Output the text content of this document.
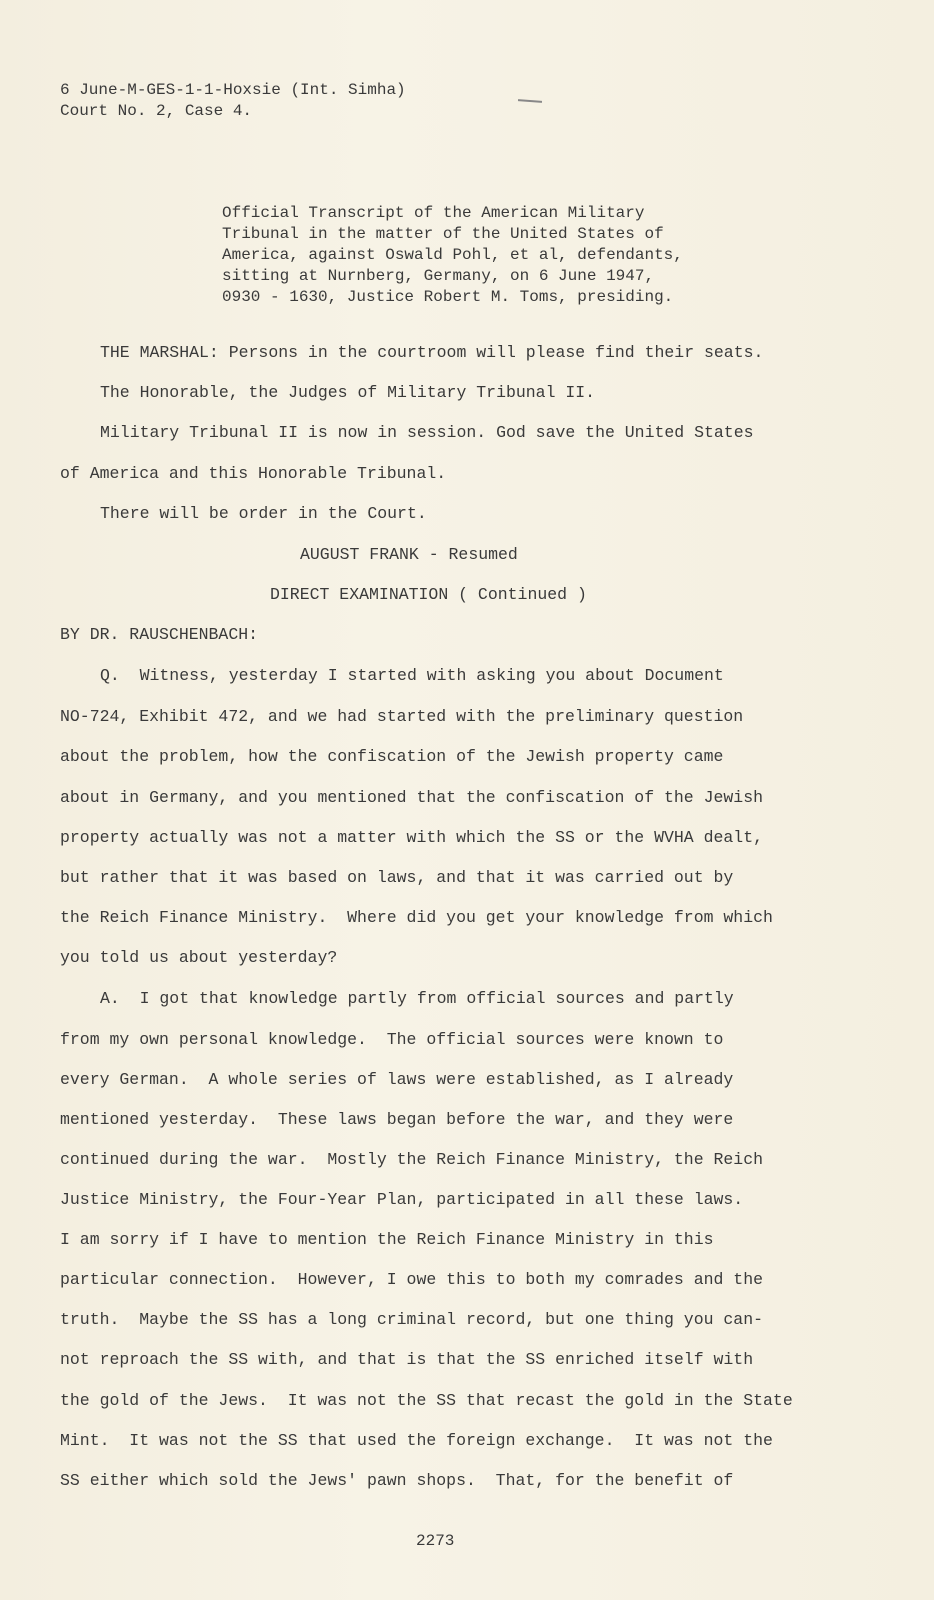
6 June-M-GES-1-1-Hoxsie (Int. Simha)
Court No. 2, Case 4.
Official Transcript of the American Military
Tribunal in the matter of the United States of
America, against Oswald Pohl, et al, defendants,
sitting at Nurnberg, Germany, on 6 June 1947,
0930 - 1630, Justice Robert M. Toms, presiding.
THE MARSHAL: Persons in the courtroom will please find their seats.
The Honorable, the Judges of Military Tribunal II.
Military Tribunal II is now in session. God save the United States
of America and this Honorable Tribunal.
There will be order in the Court.
AUGUST FRANK - Resumed
DIRECT EXAMINATION ( Continued )
BY DR. RAUSCHENBACH:
Q.  Witness, yesterday I started with asking you about Document
NO-724, Exhibit 472, and we had started with the preliminary question
about the problem, how the confiscation of the Jewish property came
about in Germany, and you mentioned that the confiscation of the Jewish
property actually was not a matter with which the SS or the WVHA dealt,
but rather that it was based on laws, and that it was carried out by
the Reich Finance Ministry.  Where did you get your knowledge from which
you told us about yesterday?
A.  I got that knowledge partly from official sources and partly
from my own personal knowledge.  The official sources were known to
every German.  A whole series of laws were established, as I already
mentioned yesterday.  These laws began before the war, and they were
continued during the war.  Mostly the Reich Finance Ministry, the Reich
Justice Ministry, the Four-Year Plan, participated in all these laws.
I am sorry if I have to mention the Reich Finance Ministry in this
particular connection.  However, I owe this to both my comrades and the
truth.  Maybe the SS has a long criminal record, but one thing you can-
not reproach the SS with, and that is that the SS enriched itself with
the gold of the Jews.  It was not the SS that recast the gold in the State
Mint.  It was not the SS that used the foreign exchange.  It was not the
SS either which sold the Jews' pawn shops.  That, for the benefit of
2273
